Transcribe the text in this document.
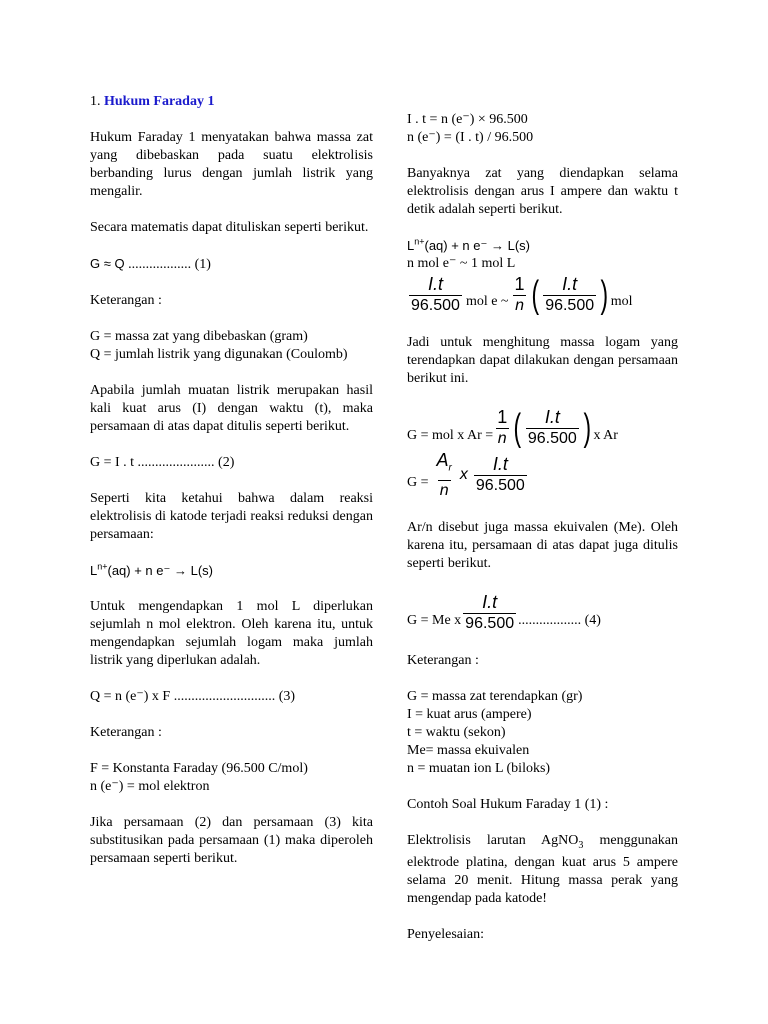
1. Hukum Faraday 1

Hukum Faraday 1 menyatakan bahwa massa zat yang dibebaskan pada suatu elektrolisis berbanding lurus dengan jumlah listrik yang mengalir.

Secara matematis dapat dituliskan seperti berikut.

G ≈ Q .................. (1)

Keterangan :

G = massa zat yang dibebaskan (gram)

Q = jumlah listrik yang digunakan (Coulomb)

Apabila jumlah muatan listrik merupakan hasil kali kuat arus (I) dengan waktu (t), maka persamaan di atas dapat ditulis seperti berikut.

G = I . t ...................... (2)

Seperti kita ketahui bahwa dalam reaksi elektrolisis di katode terjadi reaksi reduksi dengan persamaan:

$L^{n+}(aq) + n$ e⁻ → L(s)

Untuk mengendapkan 1 mol L diperlukan sejumlah n mol elektron. Oleh karena itu, untuk mengendapkan sejumlah logam maka jumlah listrik yang diperlukan adalah.

Q = n (e⁻) x F ............................. (3)

Keterangan :

F = Konstanta Faraday (96.500 C/mol)

n (e⁻) = mol elektron

Jika persamaan (2) dan persamaan (3) kita substitusikan pada persamaan (1) maka diperoleh persamaan seperti berikut.

I . t = n (e⁻) × 96.500

n (e⁻) = (I . t) / 96.500

Banyaknya zat yang diendapkan selama elektrolisis dengan arus I ampere dan waktu t detik adalah seperti berikut.

$L^{n+}(aq) + n$ e⁻ → L(s)

n mol e⁻ ~ 1 mol L

$\frac{I.t}{96.500}$ mol e ~ $\frac{1}{n}$ ( $\frac{I.t}{96.500}$ ) mol

Jadi untuk menghitung massa logam yang terendapkan dapat dilakukan dengan persamaan berikut ini.

G = mol x $Ar = \frac{1}{n}$ ( $\frac{I.t}{96.500}$ ) x Ar
$G = \frac{A_r}{n}$ x $\frac{I.t}{96.500}$

Ar/n disebut juga massa ekuivalen (Me). Oleh karena itu, persamaan di atas dapat juga ditulis seperti berikut.

G = Me x $\frac{I.t}{96.500}$ .................. (4)

Keterangan :

G = massa zat terendapkan (gr)

I = kuat arus (ampere)

t = waktu (sekon)

Me= massa ekuivalen

n = muatan ion L (biloks)

Contoh Soal Hukum Faraday 1 (1) :

Elektrolisis larutan AgNO$_3$ menggunakan elektrode platina, dengan kuat arus 5 ampere selama 20 menit. Hitung massa perak yang mengendap pada katode!

Penyelesaian:
